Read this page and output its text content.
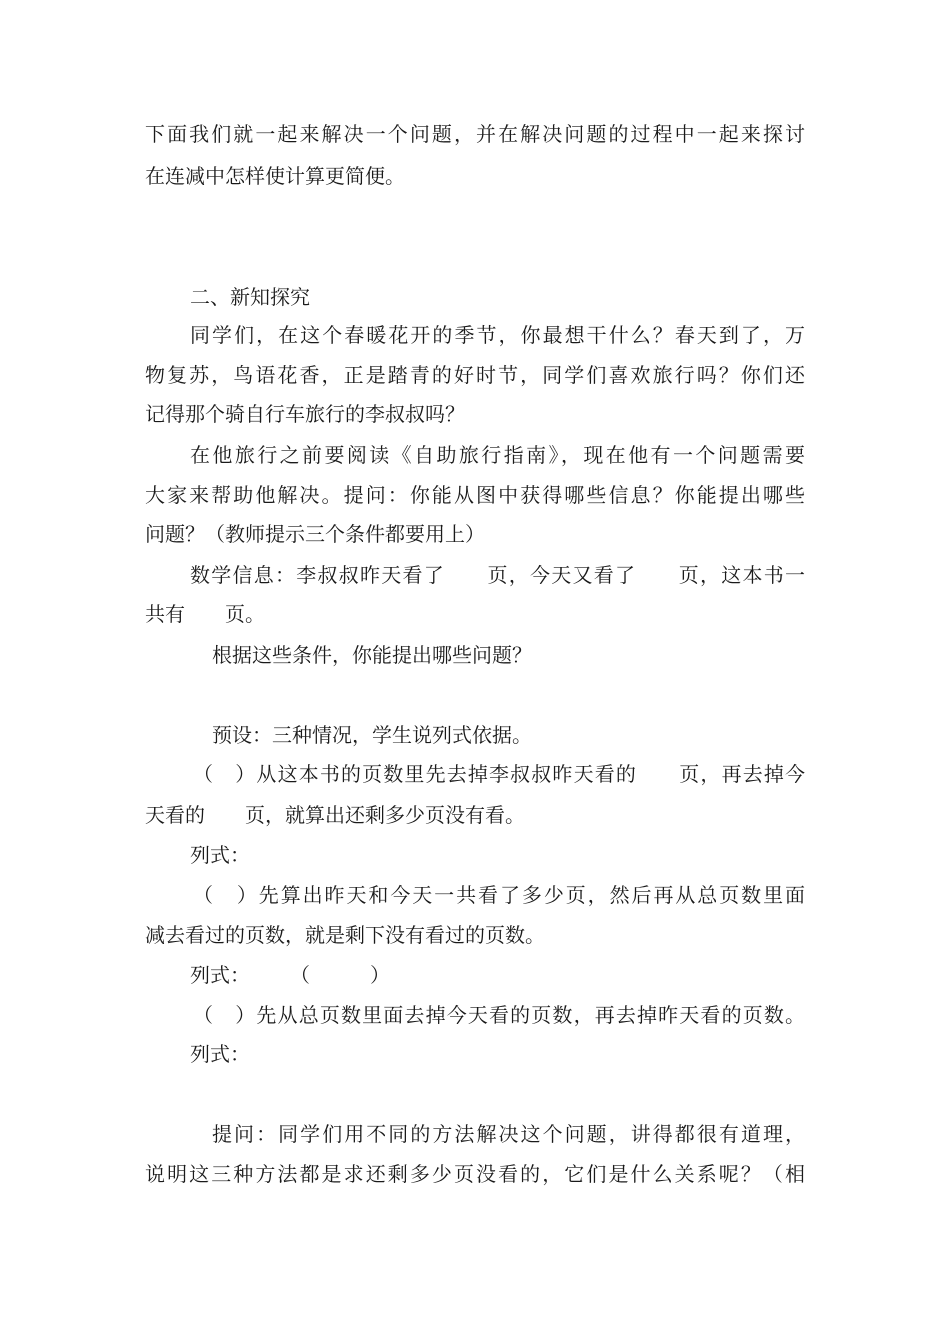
下面我们就一起来解决一个问题，并在解决问题的过程中一起来探讨
在连减中怎样使计算更简便。
二、新知探究
同学们，在这个春暖花开的季节，你最想干什么？春天到了，万
物复苏，鸟语花香，正是踏青的好时节，同学们喜欢旅行吗？你们还
记得那个骑自行车旅行的李叔叔吗？
在他旅行之前要阅读《自助旅行指南》，现在他有一个问题需要
大家来帮助他解决。提问：你能从图中获得哪些信息？你能提出哪些
问题？（教师提示三个条件都要用上）
数学信息：李叔叔昨天看了　　页，今天又看了　　页，这本书一
共有　　页。
根据这些条件，你能提出哪些问题？
预设：三种情况，学生说列式依据。
（　）从这本书的页数里先去掉李叔叔昨天看的　　页，再去掉今
天看的　　页，就算出还剩多少页没有看。
列式：
（　）先算出昨天和今天一共看了多少页，然后再从总页数里面
减去看过的页数，就是剩下没有看过的页数。
列式：　　　（　　　）
（　）先从总页数里面去掉今天看的页数，再去掉昨天看的页数。
列式：
提问：同学们用不同的方法解决这个问题，讲得都很有道理，
说明这三种方法都是求还剩多少页没看的，它们是什么关系呢？（相
